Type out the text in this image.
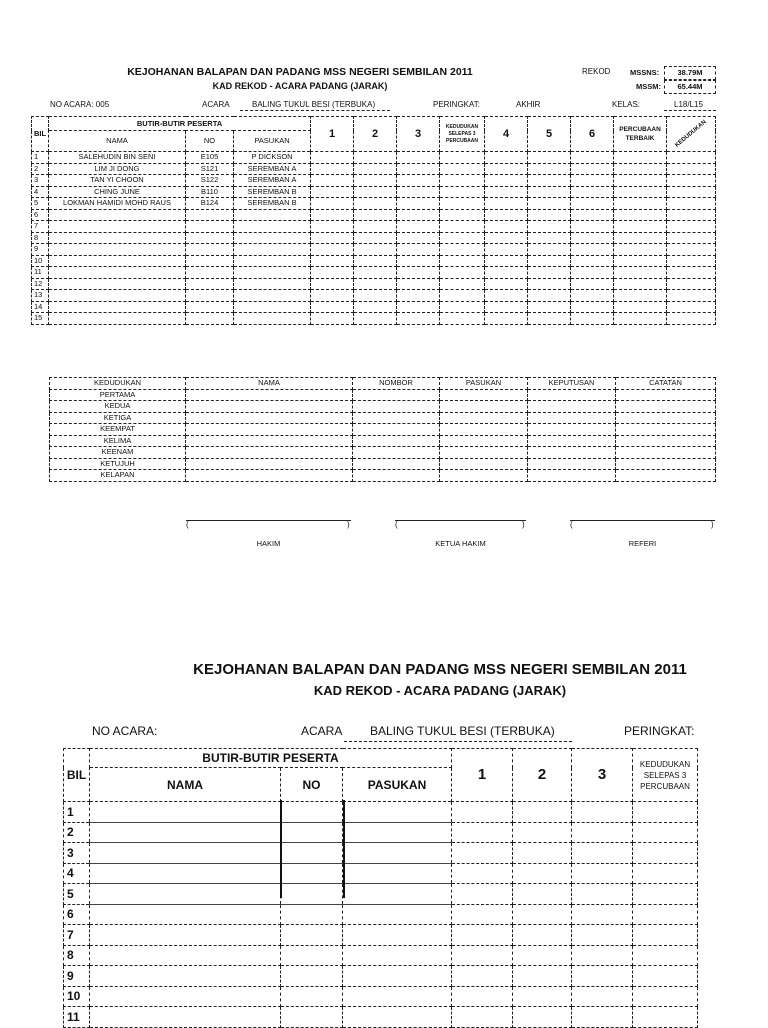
KEJOHANAN BALAPAN DAN PADANG MSS NEGERI SEMBILAN 2011
KAD REKOD - ACARA PADANG (JARAK)
REKOD	MSSNS:	38.79M
MSSM:	65.44M
NO ACARA: 005	ACARA	BALING TUKUL BESI (TERBUKA)	PERINGKAT:	AKHIR	KELAS:	L18/L15
BIL	BUTIR-BUTIR PESERTA			1	2	3	KEDUDUKAN SELEPAS 3 PERCUBAAN	4	5	6	PERCUBAAN TERBAIK	KEDUDUKAN

	NAMA	NO	PASUKAN									
1	SALEHUDIN BIN SENI	E105	P DICKSON									
2	LIM JI DONG	S121	SEREMBAN A									
3	TAN YI CHOON	S122	SEREMBAN A									
4	CHING JUNE	B110	SEREMBAN B									
5	LOKMAN HAMIDI MOHD RAUS	B124	SEREMBAN B									
6												
7												
8												
9												
10												
11												
12												
13												
14												
15												
KEDUDUKAN	NAMA	NOMBOR	PASUKAN	KEPUTUSAN	CATATAN
PERTAMA					
KEDUA					
KETIGA					
KEEMPAT					
KELIMA					
KEENAM					
KETUJUH					
KELAPAN					
(	)
HAKIM
(	)
KETUA HAKIM
(	)
REFERI
KEJOHANAN BALAPAN DAN PADANG MSS NEGERI SEMBILAN 2011
KAD REKOD - ACARA PADANG (JARAK)
NO ACARA:	ACARA BALING TUKUL BESI (TERBUKA)	PERINGKAT:
BIL	BUTIR-BUTIR PESERTA			1	2	3	KEDUDUKAN SELEPAS 3 PERCUBAAN
	NAMA	NO	PASUKAN				
1							
2							
3							
4							
5							
6							
7							
8							
9							
10							
11							
